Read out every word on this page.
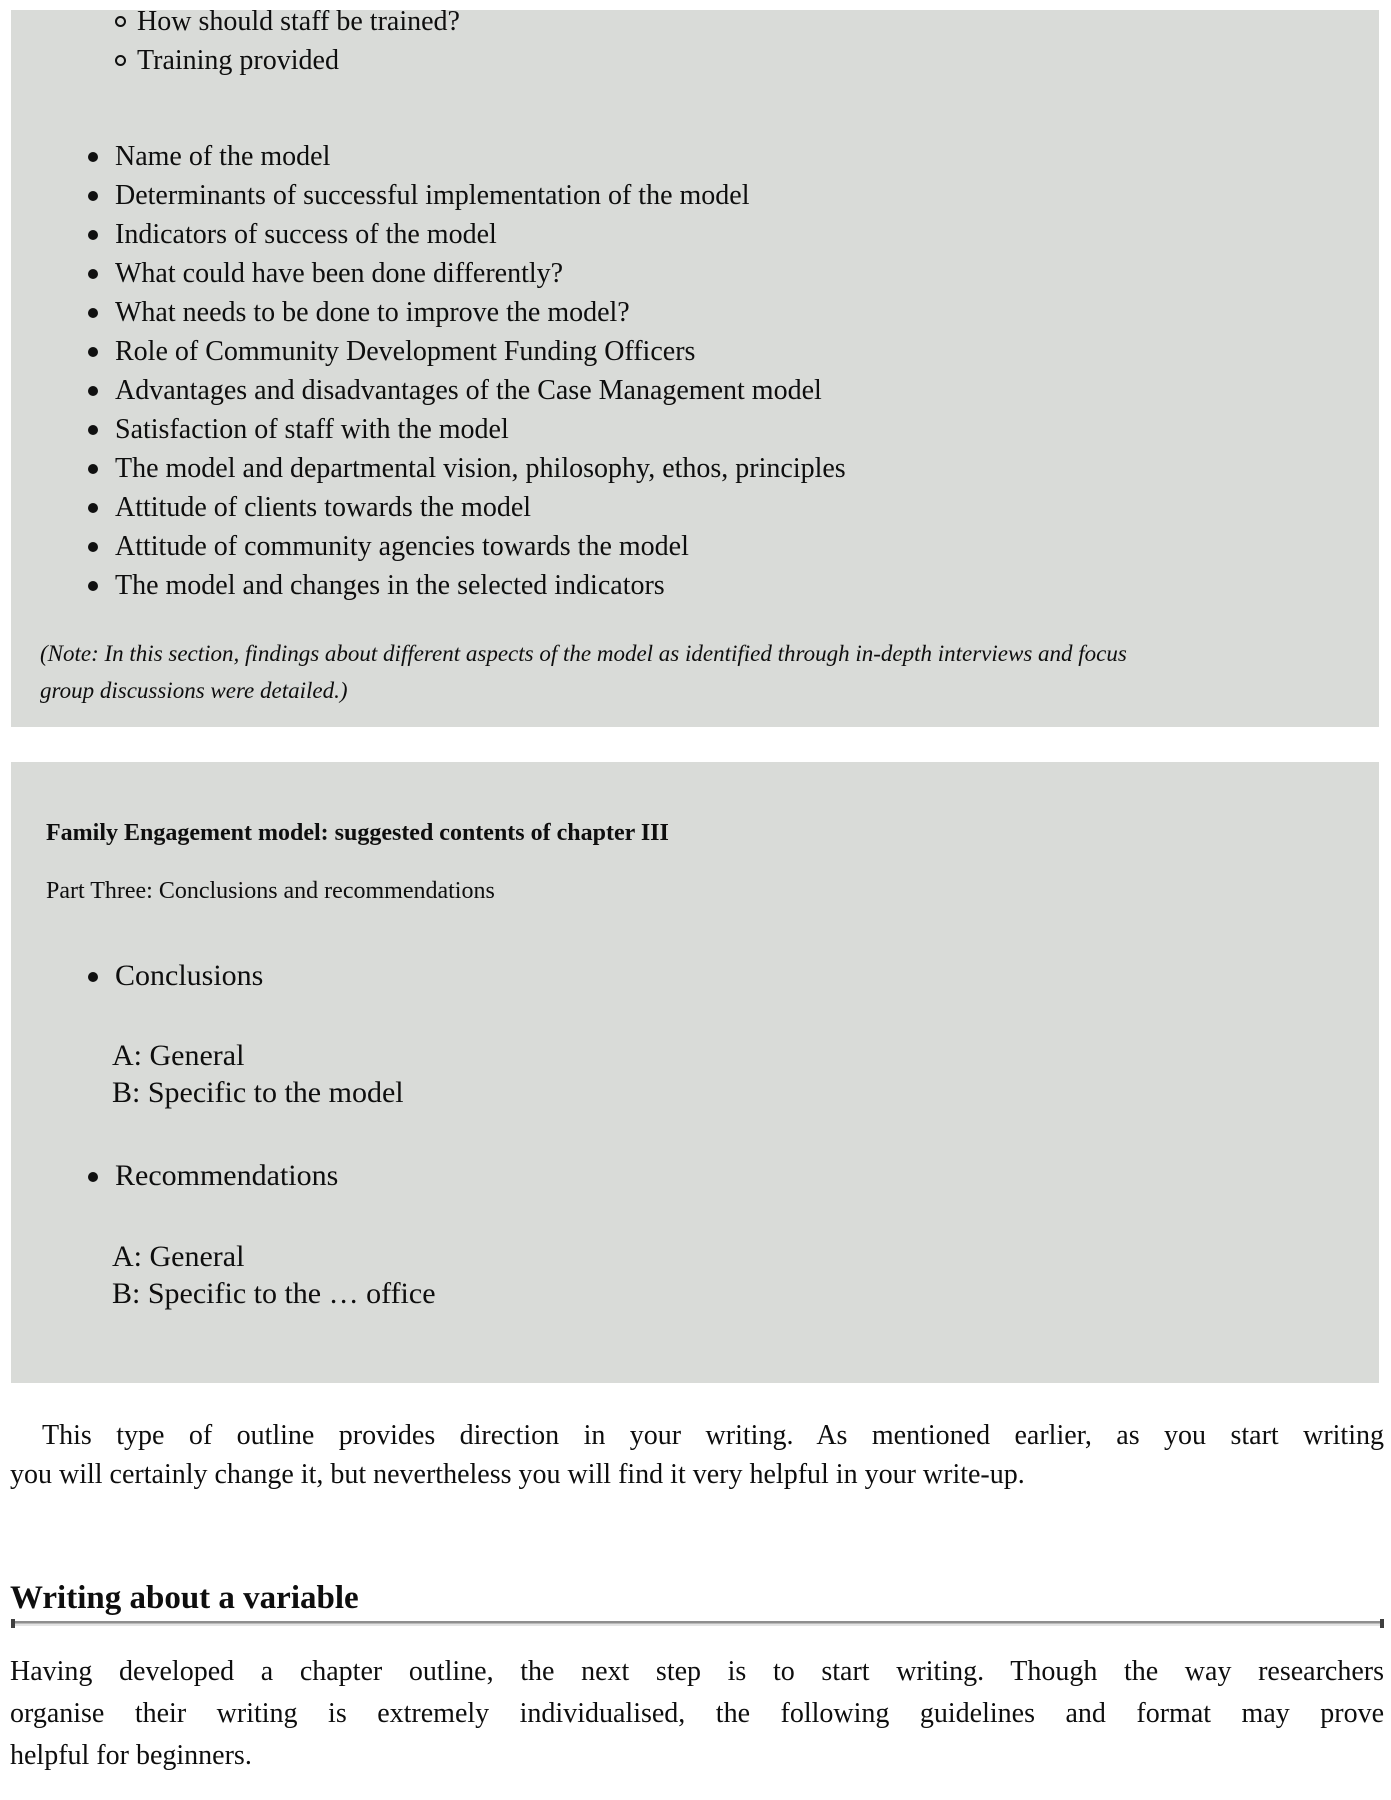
How should staff be trained?
Training provided
Name of the model
Determinants of successful implementation of the model
Indicators of success of the model
What could have been done differently?
What needs to be done to improve the model?
Role of Community Development Funding Officers
Advantages and disadvantages of the Case Management model
Satisfaction of staff with the model
The model and departmental vision, philosophy, ethos, principles
Attitude of clients towards the model
Attitude of community agencies towards the model
The model and changes in the selected indicators
(Note: In this section, findings about different aspects of the model as identified through in-depth interviews and focus
group discussions were detailed.)
Family Engagement model: suggested contents of chapter III
Part Three: Conclusions and recommendations
Conclusions
A: General
B: Specific to the model
Recommendations
A: General
B: Specific to the … office
This type of outline provides direction in your writing. As mentioned earlier, as you start writing
you will certainly change it, but nevertheless you will find it very helpful in your write-up.
Writing about a variable
Having developed a chapter outline, the next step is to start writing. Though the way researchers
organise their writing is extremely individualised, the following guidelines and format may prove
helpful for beginners.
